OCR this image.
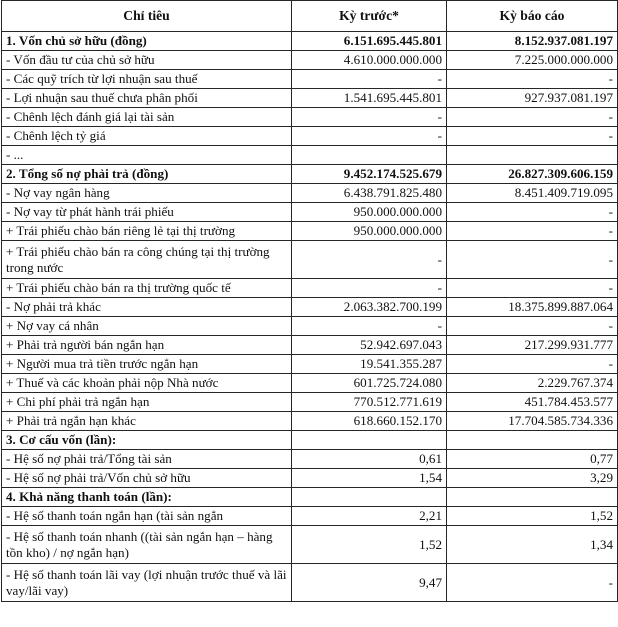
Chỉ tiêu	Kỳ trước*	Kỳ báo cáo
1. Vốn chủ sở hữu (đồng)	6.151.695.445.801	8.152.937.081.197
- Vốn đầu tư của chủ sở hữu	4.610.000.000.000	7.225.000.000.000
- Các quỹ trích từ lợi nhuận sau thuế	-	-
- Lợi nhuận sau thuế chưa phân phối	1.541.695.445.801	927.937.081.197
- Chênh lệch đánh giá lại tài sản	-	-
- Chênh lệch tỷ giá	-	-
- ...		
2. Tổng số nợ phải trả (đồng)	9.452.174.525.679	26.827.309.606.159
- Nợ vay ngân hàng	6.438.791.825.480	8.451.409.719.095
- Nợ vay từ phát hành trái phiếu	950.000.000.000	-
+ Trái phiếu chào bán riêng lẻ tại thị trường	950.000.000.000	-
+ Trái phiếu chào bán ra công chúng tại thị trường trong nước	-	-
+ Trái phiếu chào bán ra thị trường quốc tế	-	-
- Nợ phải trả khác	2.063.382.700.199	18.375.899.887.064
+ Nợ vay cá nhân	-	-
+ Phải trả người bán ngắn hạn	52.942.697.043	217.299.931.777
+ Người mua trả tiền trước ngắn hạn	19.541.355.287	-
+ Thuế và các khoản phải nộp Nhà nước	601.725.724.080	2.229.767.374
+ Chi phí phải trả ngắn hạn	770.512.771.619	451.784.453.577
+ Phải trả ngắn hạn khác	618.660.152.170	17.704.585.734.336
3. Cơ cấu vốn (lần):		
- Hệ số nợ phải trả/Tổng tài sản	0,61	0,77
- Hệ số nợ phải trả/Vốn chủ sở hữu	1,54	3,29
4. Khả năng thanh toán (lần):		
- Hệ số thanh toán ngắn hạn (tài sản ngắn	2,21	1,52
- Hệ số thanh toán nhanh ((tài sản ngắn hạn – hàng tồn kho) / nợ ngắn hạn)	1,52	1,34
- Hệ số thanh toán lãi vay (lợi nhuận trước thuế và lãi vay/lãi vay)	9,47	-
